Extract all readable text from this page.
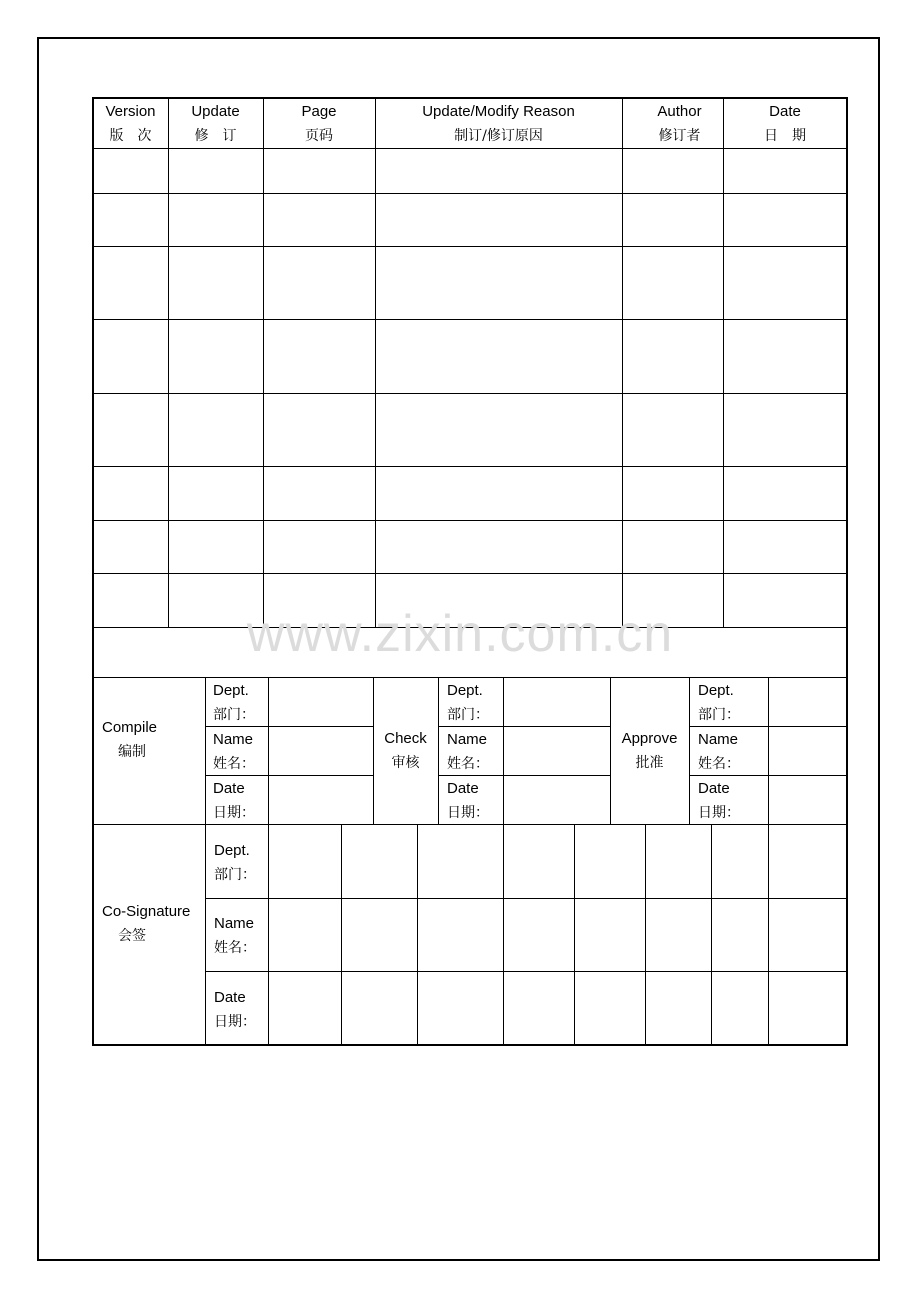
Version
版　次
Update
修　订
Page
页码
Update/Modify Reason
制订/修订原因
Author
修订者
Date
日　期
www.zixin.com.cn
Compile
编制
Dept.
部门：
Name
姓名：
Date
日期：
Check
审核
Dept.
部门：
Name
姓名：
Date
日期：
Approve
批准
Dept.
部门：
Name
姓名：
Date
日期：
Co-Signature
会签
Dept.
部门：
Name
姓名：
Date
日期：
